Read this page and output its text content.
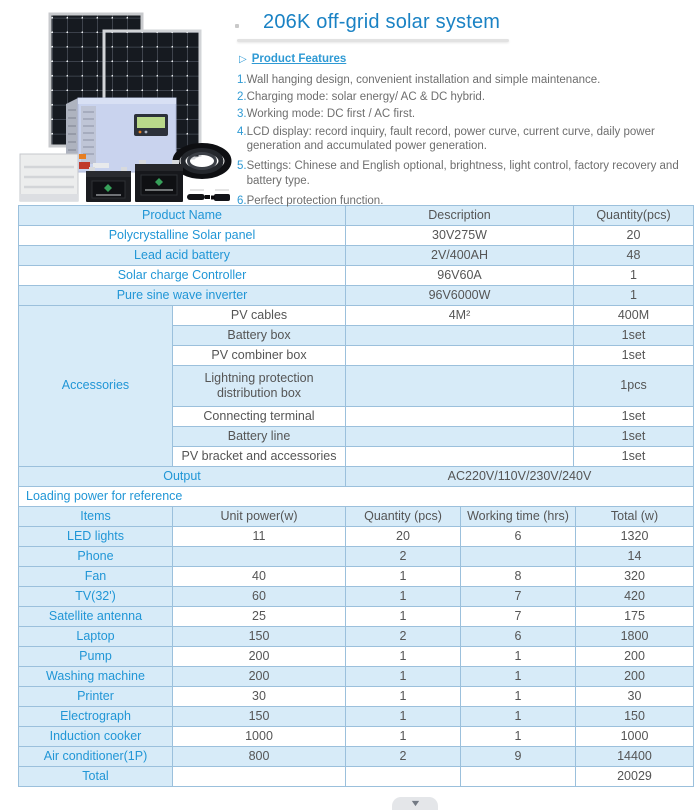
206K off-grid solar system
▷ Product Features
1. Wall hanging design, convenient installation and simple maintenance.
2. Charging mode: solar energy/ AC & DC hybrid.
3. Working mode: DC first / AC first.
4. LCD display: record inquiry, fault record, power curve, current curve, daily power generation and accumulated power generation.
5. Settings: Chinese and English optional, brightness, light control, factory recovery and battery type.
6. Perfect protection function.
Product Name		Description	Quantity(pcs)
Polycrystalline Solar panel		30V275W	20
Lead acid battery		2V/400AH	48
Solar charge Controller		96V60A	1
Pure sine wave inverter		96V6000W	1
Accessories	PV cables	4M²	400M
	Battery box		1set
	PV combiner box		1set
	Lightning protection distribution box		1pcs
	Connecting terminal		1set
	Battery line		1set
	PV bracket and accessories		1set
Output		AC220V/110V/230V/240V	
Loading power for reference			
Items	Unit power(w)	Quantity (pcs)	Working time (hrs)	Total (w)
LED lights	11	20	6	1320
Phone		2		14
Fan	40	1	8	320
TV(32')	60	1	7	420
Satellite antenna	25	1	7	175
Laptop	150	2	6	1800
Pump	200	1	1	200
Washing machine	200	1	1	200
Printer	30	1	1	30
Electrograph	150	1	1	150
Induction cooker	1000	1	1	1000
Air conditioner(1P)	800	2	9	14400
Total				20029
▼
